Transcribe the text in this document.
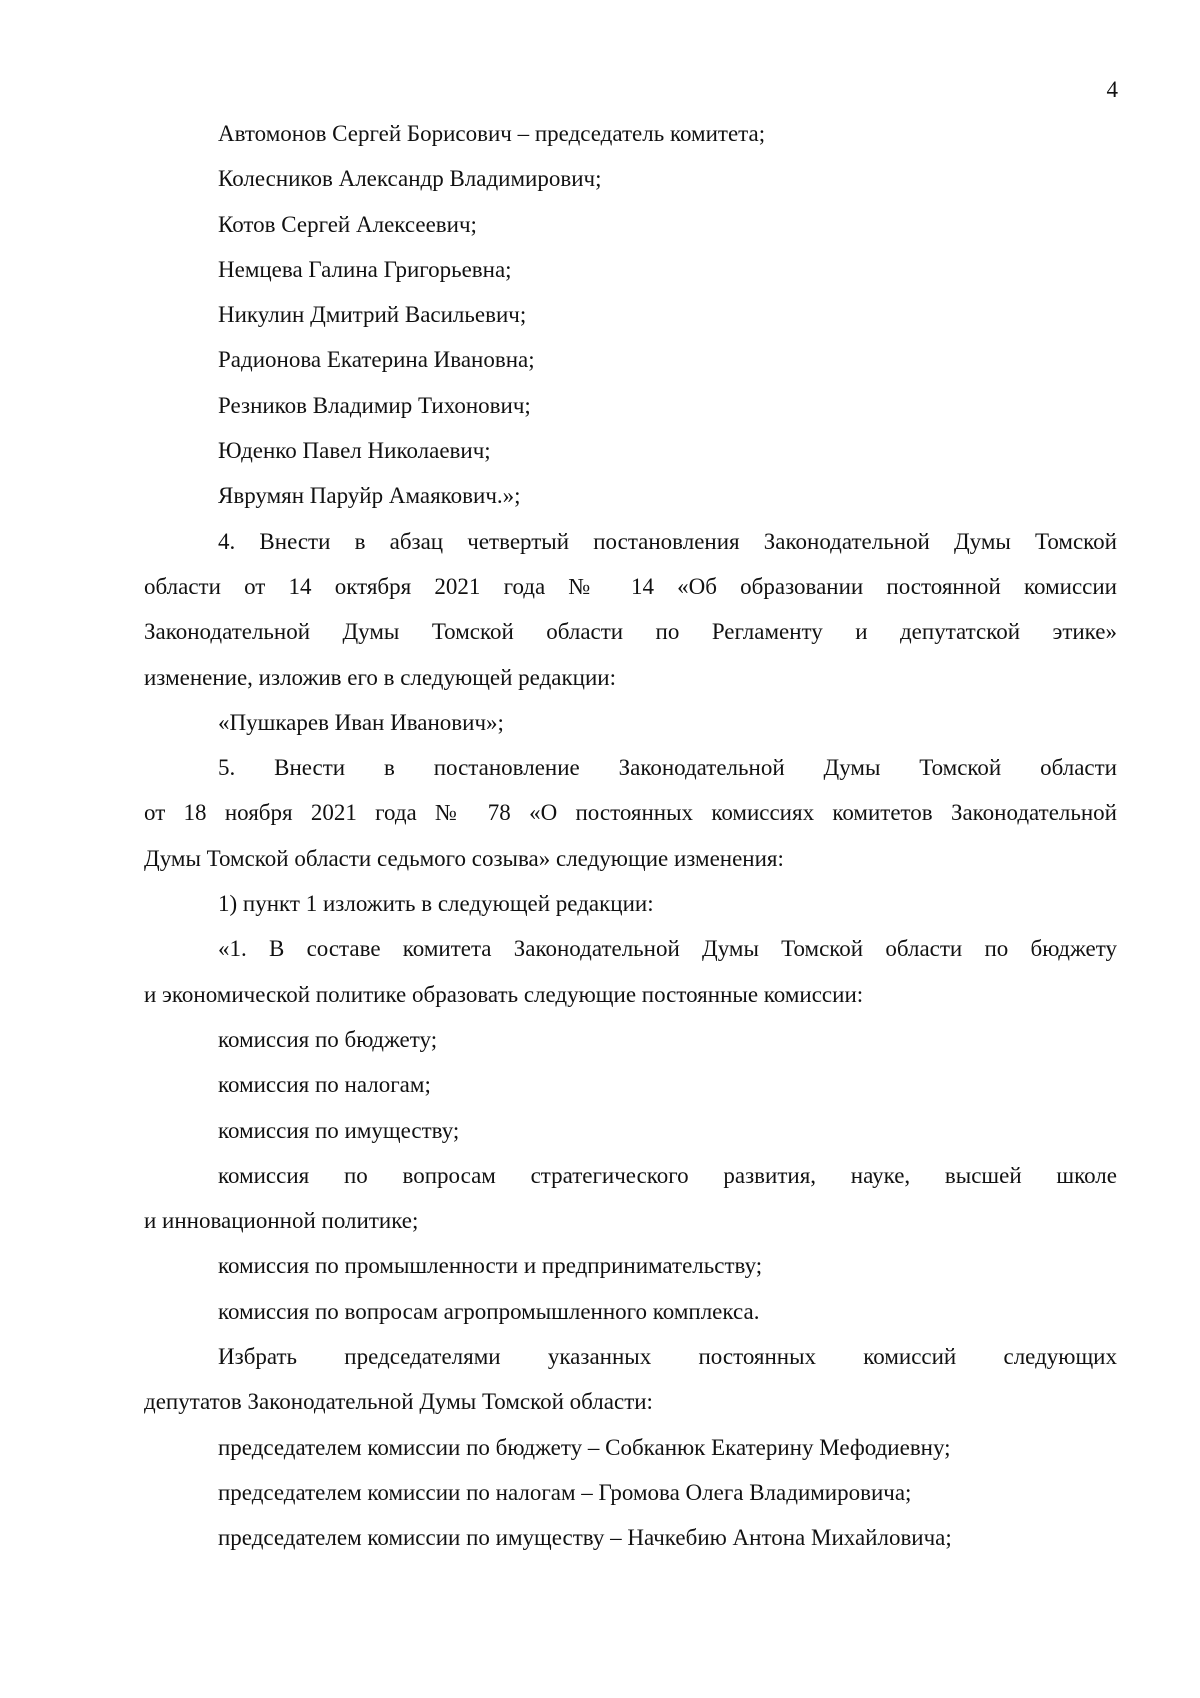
4
Автомонов Сергей Борисович – председатель комитета;
Колесников Александр Владимирович;
Котов Сергей Алексеевич;
Немцева Галина Григорьевна;
Никулин Дмитрий Васильевич;
Радионова Екатерина Ивановна;
Резников Владимир Тихонович;
Юденко Павел Николаевич;
Яврумян Паруйр Амаякович.»;
4. Внести в абзац четвертый постановления Законодательной Думы Томской
области от 14 октября 2021 года № 14 «Об образовании постоянной комиссии
Законодательной Думы Томской области по Регламенту и депутатской этике»
изменение, изложив его в следующей редакции:
«Пушкарев Иван Иванович»;
5. Внести в постановление Законодательной Думы Томской области
от 18 ноября 2021 года № 78 «О постоянных комиссиях комитетов Законодательной
Думы Томской области седьмого созыва» следующие изменения:
1) пункт 1 изложить в следующей редакции:
«1. В составе комитета Законодательной Думы Томской области по бюджету
и экономической политике образовать следующие постоянные комиссии:
комиссия по бюджету;
комиссия по налогам;
комиссия по имуществу;
комиссия по вопросам стратегического развития, науке, высшей школе
и инновационной политике;
комиссия по промышленности и предпринимательству;
комиссия по вопросам агропромышленного комплекса.
Избрать председателями указанных постоянных комиссий следующих
депутатов Законодательной Думы Томской области:
председателем комиссии по бюджету – Собканюк Екатерину Мефодиевну;
председателем комиссии по налогам – Громова Олега Владимировича;
председателем комиссии по имуществу – Начкебию Антона Михайловича;
